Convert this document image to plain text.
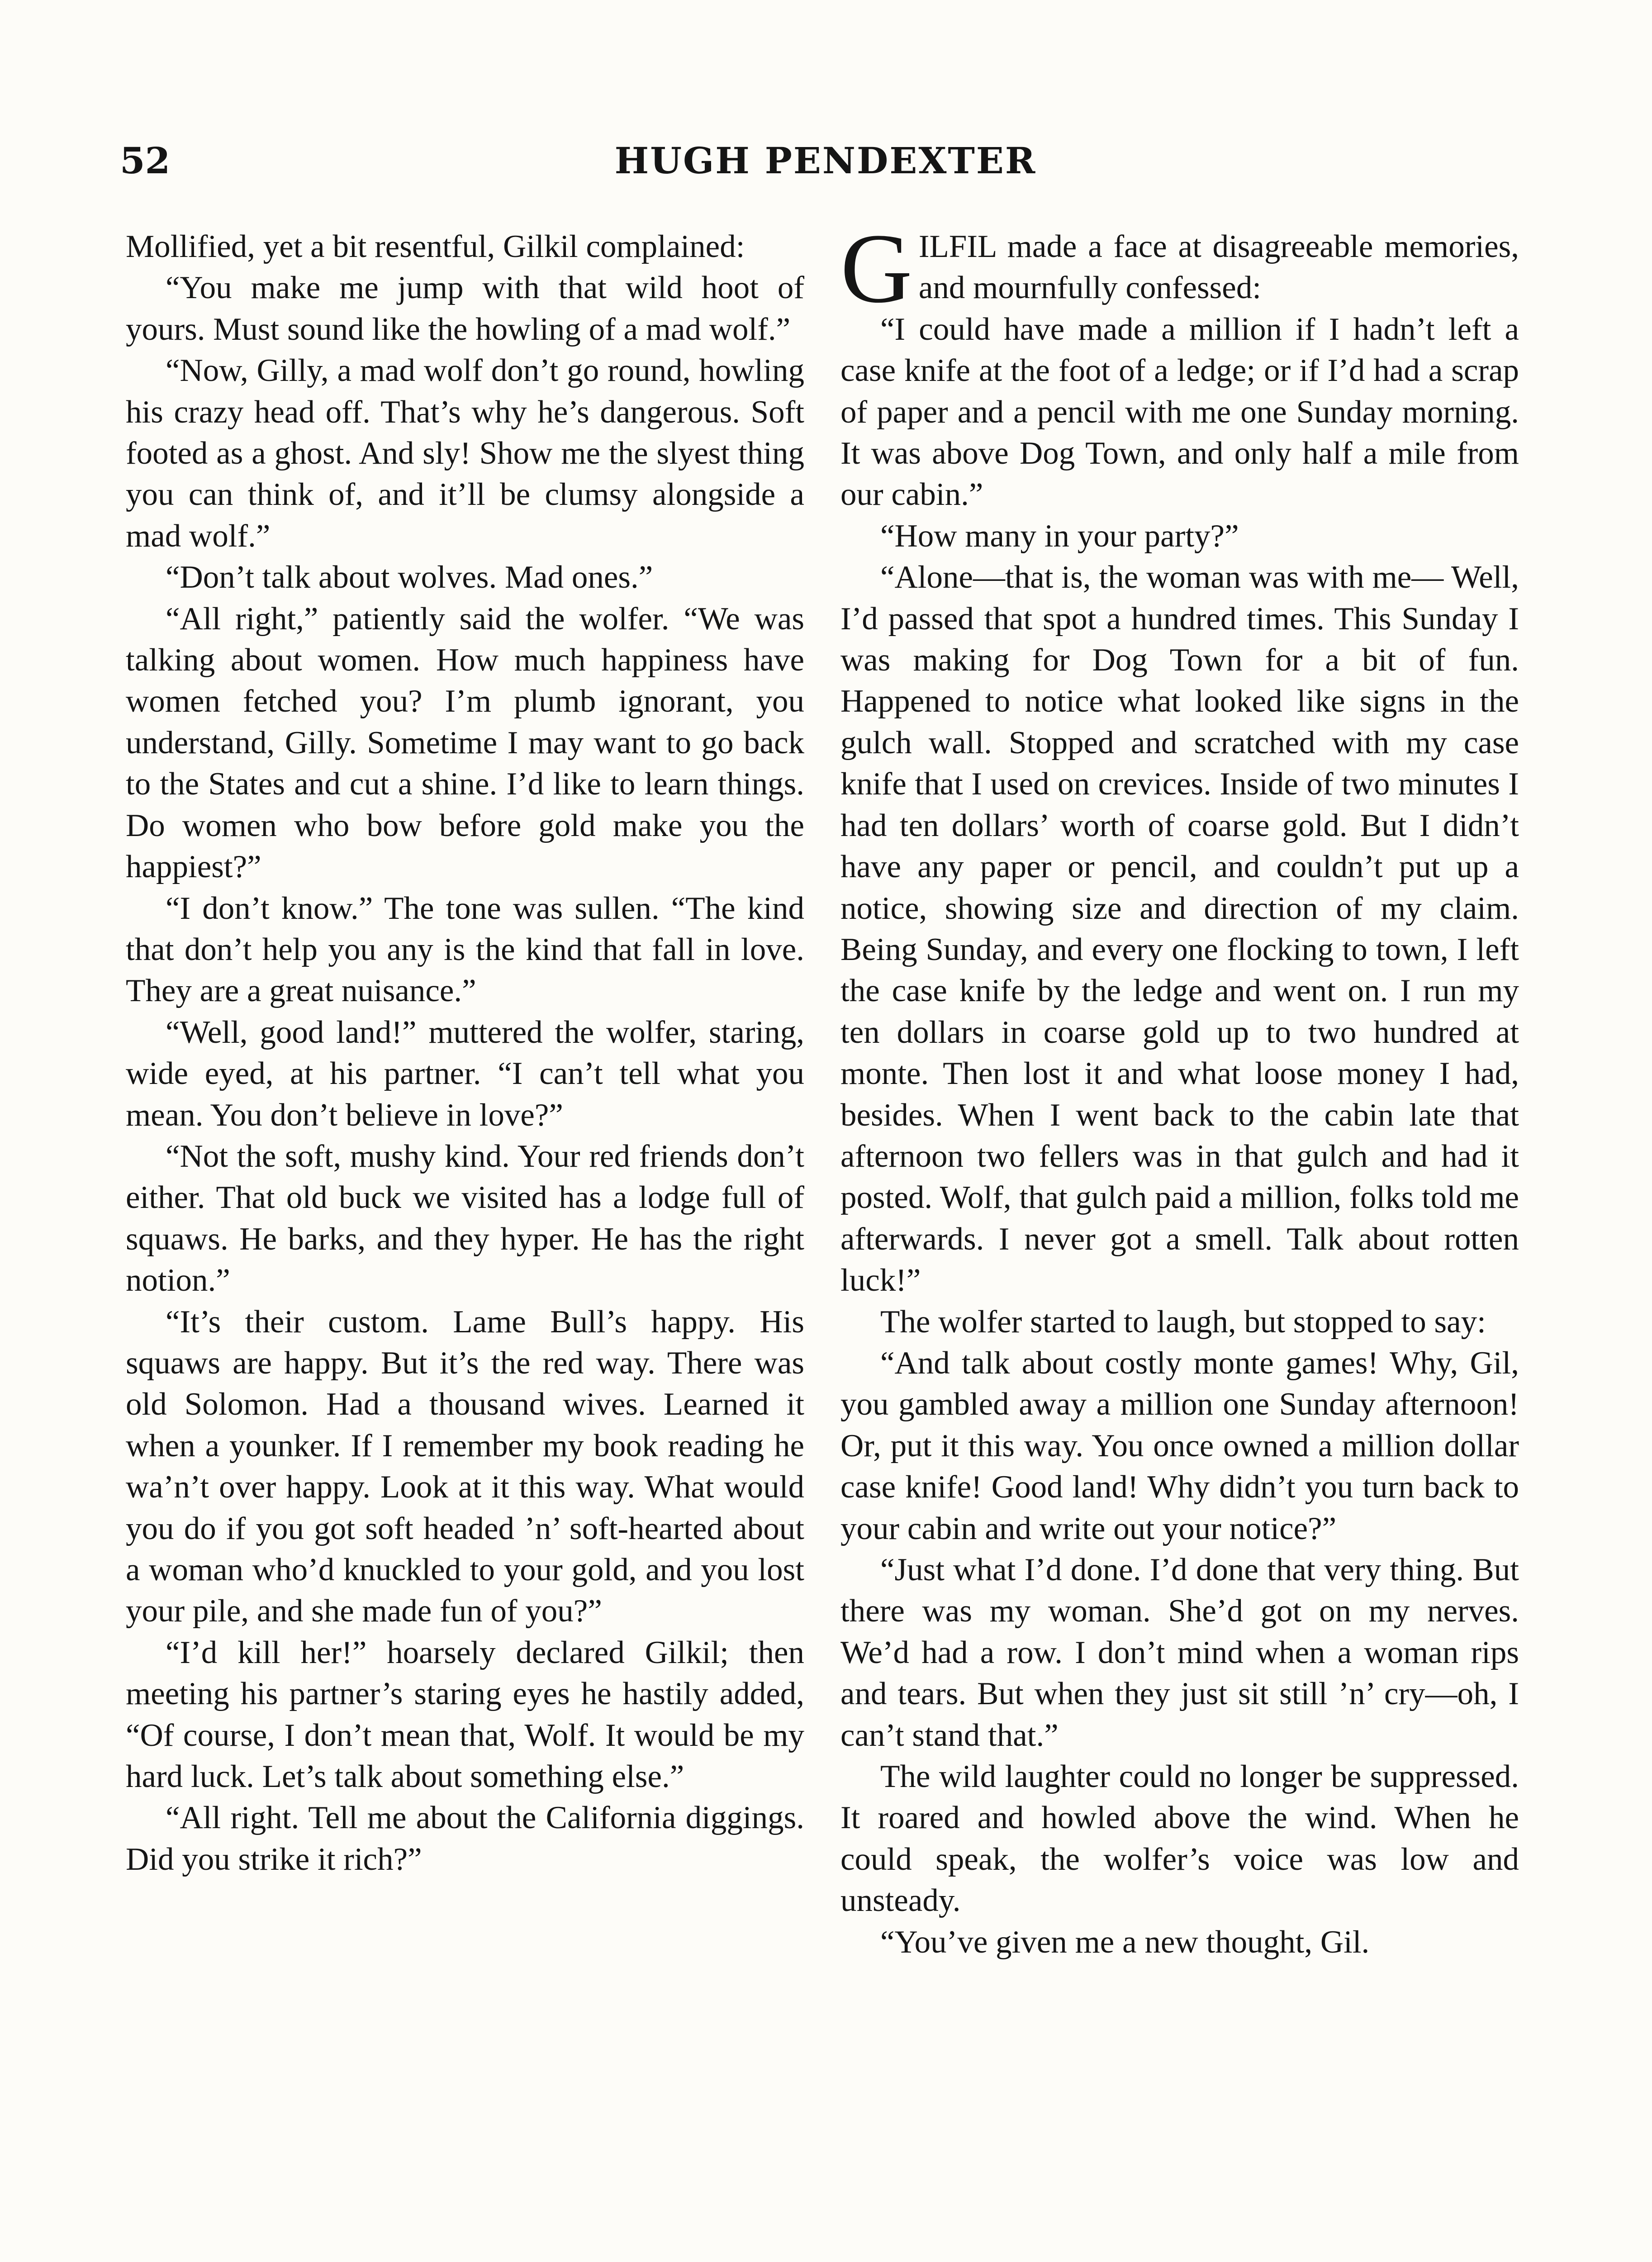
52	HUGH PENDEXTER

Mollified, yet a bit resentful, Gilkil complained:

“You make me jump with that wild hoot of yours. Must sound like the howling of a mad wolf.”

“Now, Gilly, a mad wolf don’t go round, howling his crazy head off. That’s why he’s dangerous. Soft footed as a ghost. And sly! Show me the slyest thing you can think of, and it’ll be clumsy alongside a mad wolf.”

“Don’t talk about wolves. Mad ones.”

“All right,” patiently said the wolfer. “We was talking about women. How much happiness have women fetched you? I’m plumb ignorant, you understand, Gilly. Sometime I may want to go back to the States and cut a shine. I’d like to learn things. Do women who bow before gold make you the happiest?”

“I don’t know.” The tone was sullen. “The kind that don’t help you any is the kind that fall in love. They are a great nuisance.”

“Well, good land!” muttered the wolfer, staring, wide eyed, at his partner. “I can’t tell what you mean. You don’t believe in love?”

“Not the soft, mushy kind. Your red friends don’t either. That old buck we visited has a lodge full of squaws. He barks, and they hyper. He has the right notion.”

“It’s their custom. Lame Bull’s happy. His squaws are happy. But it’s the red way. There was old Solomon. Had a thousand wives. Learned it when a younker. If I remember my book reading he wa’n’t over happy. Look at it this way. What would you do if you got soft headed ’n’ soft-hearted about a woman who’d knuckled to your gold, and you lost your pile, and she made fun of you?”

“I’d kill her!” hoarsely declared Gilkil; then meeting his partner’s staring eyes he hastily added, “Of course, I don’t mean that, Wolf. It would be my hard luck. Let’s talk about something else.”

“All right. Tell me about the California diggings. Did you strike it rich?”

GILFIL made a face at disagreeable memories, and mournfully confessed:

“I could have made a million if I hadn’t left a case knife at the foot of a ledge; or if I’d had a scrap of paper and a pencil with me one Sunday morning. It was above Dog Town, and only half a mile from our cabin.”

“How many in your party?”

“Alone—that is, the woman was with me— Well, I’d passed that spot a hundred times. This Sunday I was making for Dog Town for a bit of fun. Happened to notice what looked like signs in the gulch wall. Stopped and scratched with my case knife that I used on crevices. Inside of two minutes I had ten dollars’ worth of coarse gold. But I didn’t have any paper or pencil, and couldn’t put up a notice, showing size and direction of my claim. Being Sunday, and every one flocking to town, I left the case knife by the ledge and went on. I run my ten dollars in coarse gold up to two hundred at monte. Then lost it and what loose money I had, besides. When I went back to the cabin late that afternoon two fellers was in that gulch and had it posted. Wolf, that gulch paid a million, folks told me afterwards. I never got a smell. Talk about rotten luck!”

The wolfer started to laugh, but stopped to say:

“And talk about costly monte games! Why, Gil, you gambled away a million one Sunday afternoon! Or, put it this way. You once owned a million dollar case knife! Good land! Why didn’t you turn back to your cabin and write out your notice?”

“Just what I’d done. I’d done that very thing. But there was my woman. She’d got on my nerves. We’d had a row. I don’t mind when a woman rips and tears. But when they just sit still ’n’ cry—oh, I can’t stand that.”

The wild laughter could no longer be suppressed. It roared and howled above the wind. When he could speak, the wolfer’s voice was low and unsteady.

“You’ve given me a new thought, Gil.
